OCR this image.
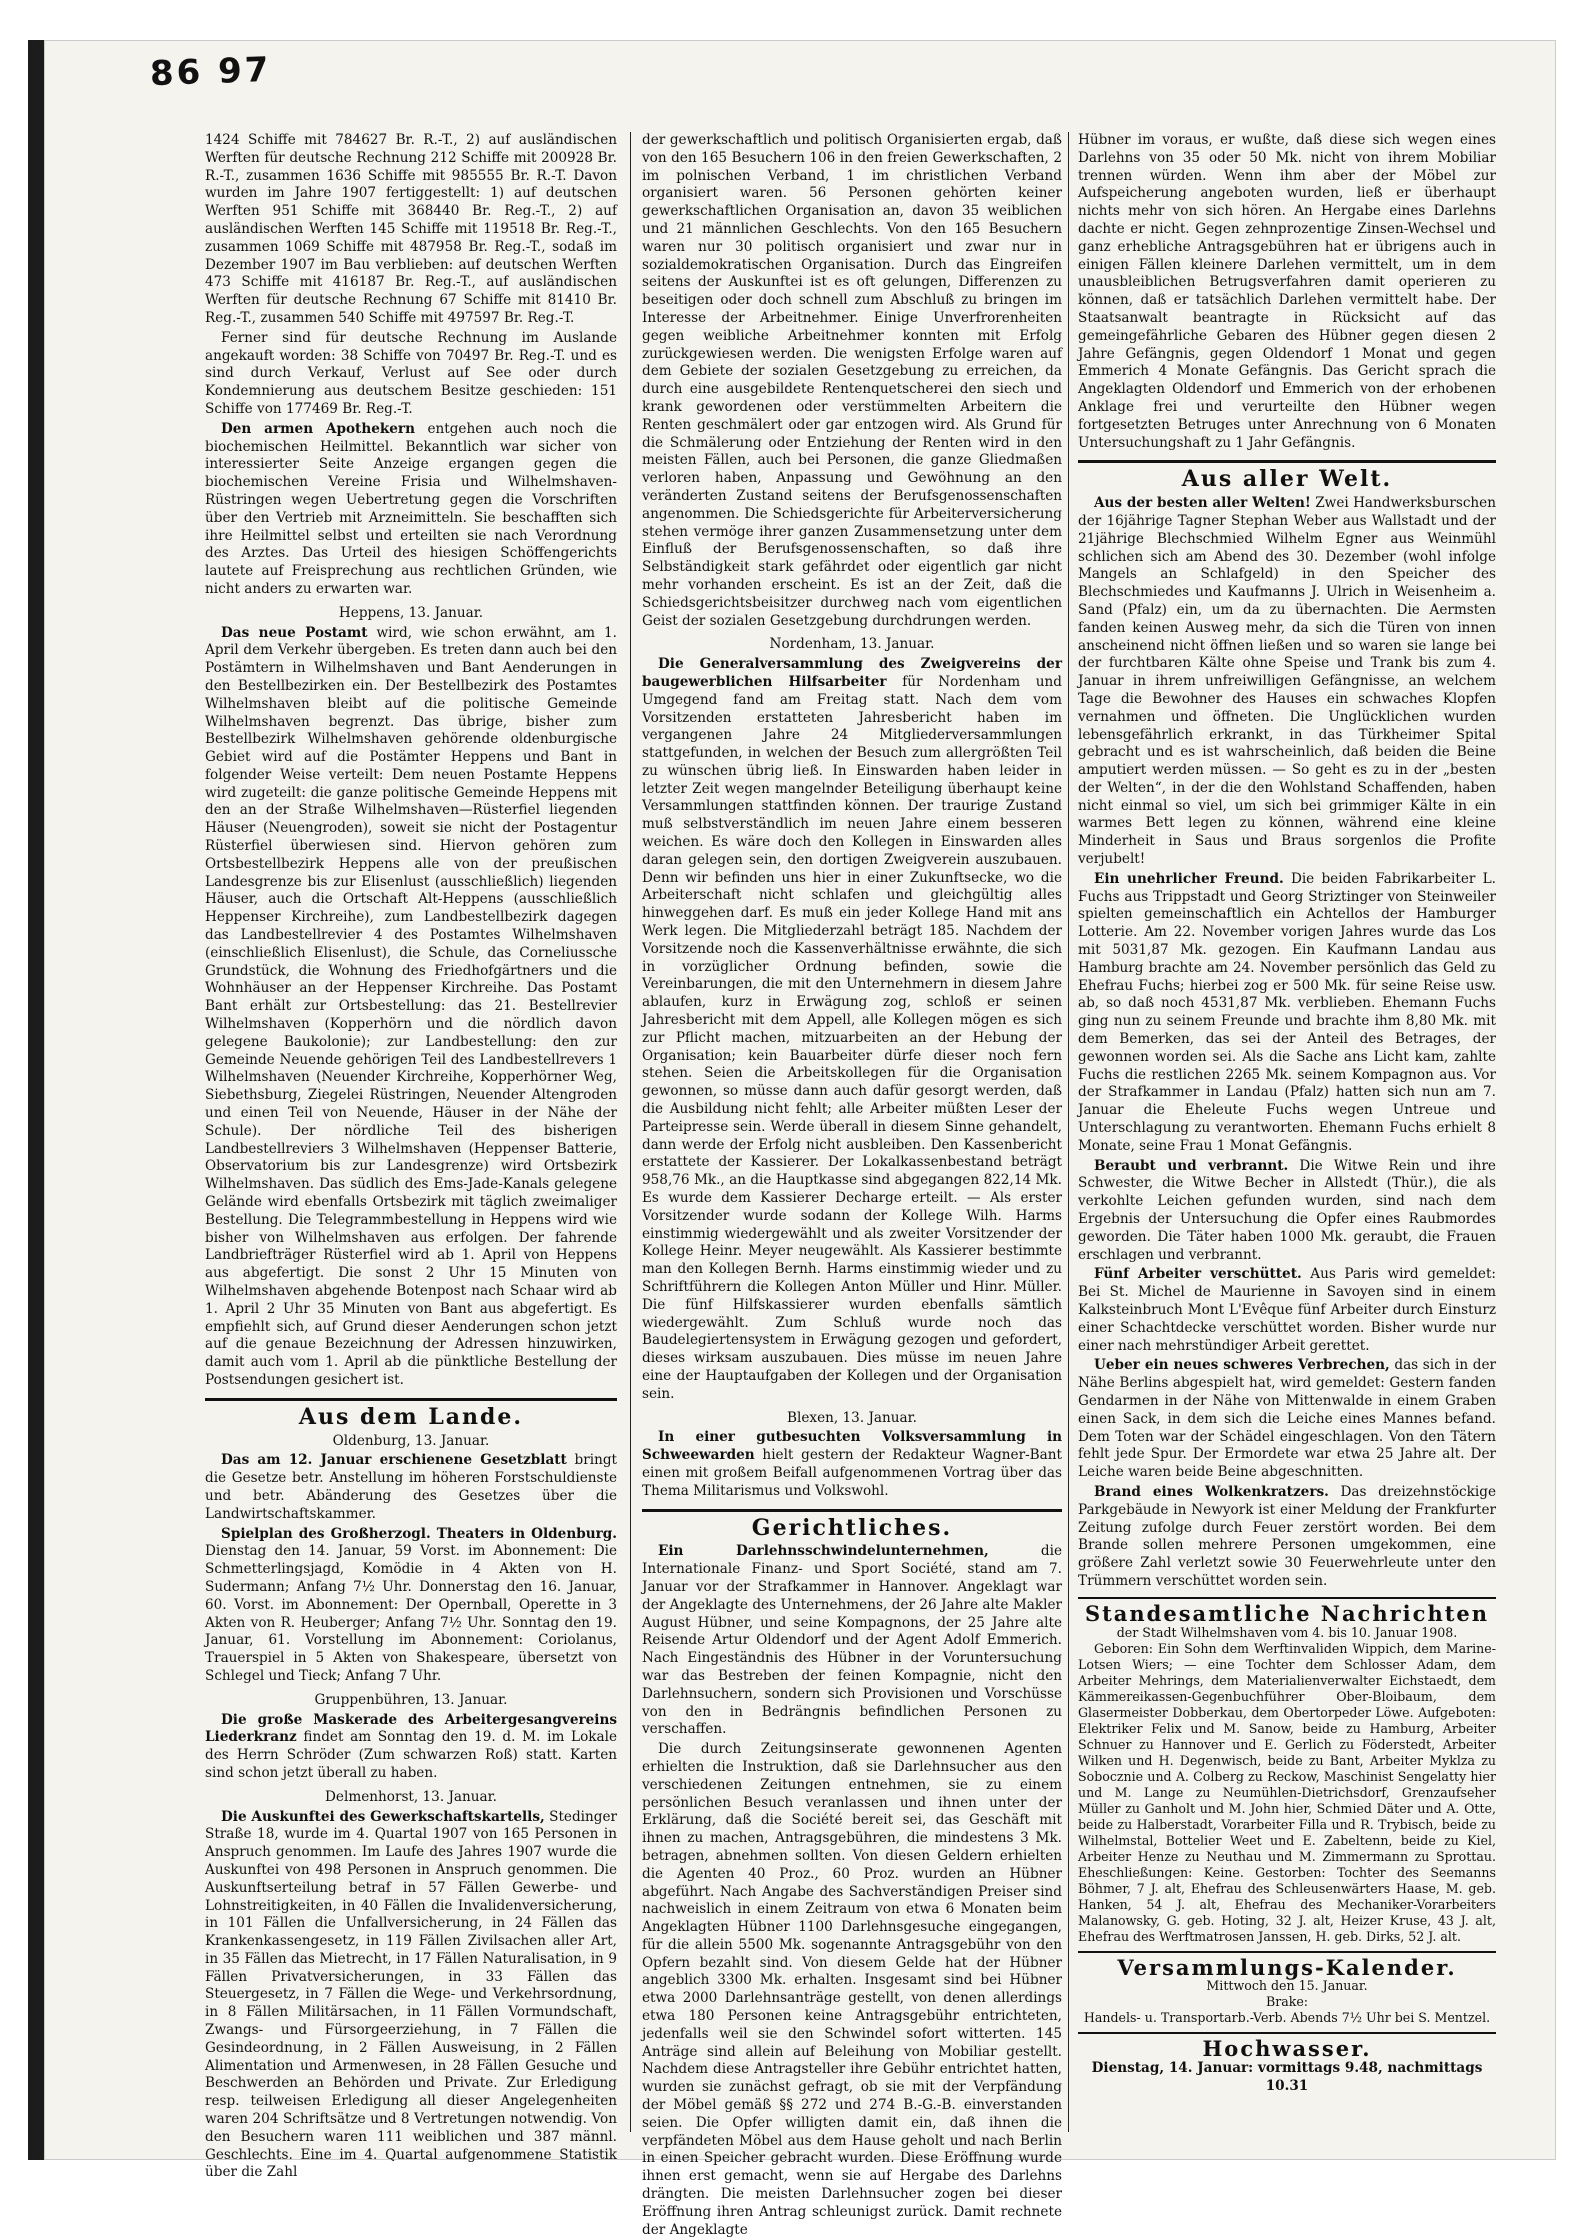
86 97

1424 Schiffe mit 784627 Br. R.-T., 2) auf ausländischen Werften für deutsche Rechnung 212 Schiffe mit 200928 Br. R.-T., zusammen 1636 Schiffe mit 985555 Br. R.-T. Davon wurden im Jahre 1907 fertiggestellt: 1) auf deutschen Werften 951 Schiffe mit 368440 Br. Reg.-T., 2) auf ausländischen Werften 145 Schiffe mit 119518 Br. Reg.-T., zusammen 1069 Schiffe mit 487958 Br. Reg.-T., sodaß im Dezember 1907 im Bau verblieben: auf deutschen Werften 473 Schiffe mit 416187 Br. Reg.-T., auf ausländischen Werften für deutsche Rechnung 67 Schiffe mit 81410 Br. Reg.-T., zusammen 540 Schiffe mit 497597 Br. Reg.-T.

Ferner sind für deutsche Rechnung im Auslande angekauft worden: 38 Schiffe von 70497 Br. Reg.-T. und es sind durch Verkauf, Verlust auf See oder durch Kondemnierung aus deutschem Besitze geschieden: 151 Schiffe von 177469 Br. Reg.-T.

Den armen Apothekern entgehen auch noch die biochemischen Heilmittel. Bekanntlich war sicher von interessierter Seite Anzeige ergangen gegen die biochemischen Vereine Frisia und Wilhelmshaven-Rüstringen wegen Uebertretung gegen die Vorschriften über den Vertrieb mit Arzneimitteln. Sie beschafften sich ihre Heilmittel selbst und erteilten sie nach Verordnung des Arztes. Das Urteil des hiesigen Schöffengerichts lautete auf Freisprechung aus rechtlichen Gründen, wie nicht anders zu erwarten war.

Heppens, 13. Januar.

Das neue Postamt wird, wie schon erwähnt, am 1. April dem Verkehr übergeben. Es treten dann auch bei den Postämtern in Wilhelmshaven und Bant Aenderungen in den Bestellbezirken ein. Der Bestellbezirk des Postamtes Wilhelmshaven bleibt auf die politische Gemeinde Wilhelmshaven begrenzt. Das übrige, bisher zum Bestellbezirk Wilhelmshaven gehörende oldenburgische Gebiet wird auf die Postämter Heppens und Bant in folgender Weise verteilt: Dem neuen Postamte Heppens wird zugeteilt: die ganze politische Gemeinde Heppens mit den an der Straße Wilhelmshaven—Rüsterfiel liegenden Häuser (Neuengroden), soweit sie nicht der Postagentur Rüsterfiel überwiesen sind. Hiervon gehören zum Ortsbestellbezirk Heppens alle von der preußischen Landesgrenze bis zur Elisenlust (ausschließlich) liegenden Häuser, auch die Ortschaft Alt-Heppens (ausschließlich Heppenser Kirchreihe), zum Landbestellbezirk dagegen das Landbestellrevier 4 des Postamtes Wilhelmshaven (einschließlich Elisenlust), die Schule, das Corneliussche Grundstück, die Wohnung des Friedhofgärtners und die Wohnhäuser an der Heppenser Kirchreihe. Das Postamt Bant erhält zur Ortsbestellung: das 21. Bestellrevier Wilhelmshaven (Kopperhörn und die nördlich davon gelegene Baukolonie); zur Landbestellung: den zur Gemeinde Neuende gehörigen Teil des Landbestellrevers 1 Wilhelmshaven (Neuender Kirchreihe, Kopperhörner Weg, Siebethsburg, Ziegelei Rüstringen, Neuender Altengroden und einen Teil von Neuende, Häuser in der Nähe der Schule). Der nördliche Teil des bisherigen Landbestellreviers 3 Wilhelmshaven (Heppenser Batterie, Observatorium bis zur Landesgrenze) wird Ortsbezirk Wilhelmshaven. Das südlich des Ems-Jade-Kanals gelegene Gelände wird ebenfalls Ortsbezirk mit täglich zweimaliger Bestellung. Die Telegrammbestellung in Heppens wird wie bisher von Wilhelmshaven aus erfolgen. Der fahrende Landbriefträger Rüsterfiel wird ab 1. April von Heppens aus abgefertigt. Die sonst 2 Uhr 15 Minuten von Wilhelmshaven abgehende Botenpost nach Schaar wird ab 1. April 2 Uhr 35 Minuten von Bant aus abgefertigt. Es empfiehlt sich, auf Grund dieser Aenderungen schon jetzt auf die genaue Bezeichnung der Adressen hinzuwirken, damit auch vom 1. April ab die pünktliche Bestellung der Postsendungen gesichert ist.

Aus dem Lande.
Oldenburg, 13. Januar.

Das am 12. Januar erschienene Gesetzblatt bringt die Gesetze betr. Anstellung im höheren Forstschuldienste und betr. Abänderung des Gesetzes über die Landwirtschaftskammer.

Spielplan des Großherzogl. Theaters in Oldenburg. Dienstag den 14. Januar, 59 Vorst. im Abonnement: Die Schmetterlingsjagd, Komödie in 4 Akten von H. Sudermann; Anfang 7½ Uhr. Donnerstag den 16. Januar, 60. Vorst. im Abonnement: Der Opernball, Operette in 3 Akten von R. Heuberger; Anfang 7½ Uhr. Sonntag den 19. Januar, 61. Vorstellung im Abonnement: Coriolanus, Trauerspiel in 5 Akten von Shakespeare, übersetzt von Schlegel und Tieck; Anfang 7 Uhr.

Gruppenbühren, 13. Januar.

Die große Maskerade des Arbeitergesangvereins Liederkranz findet am Sonntag den 19. d. M. im Lokale des Herrn Schröder (Zum schwarzen Roß) statt. Karten sind schon jetzt überall zu haben.

Delmenhorst, 13. Januar.

Die Auskunftei des Gewerkschaftskartells, Stedinger Straße 18, wurde im 4. Quartal 1907 von 165 Personen in Anspruch genommen. Im Laufe des Jahres 1907 wurde die Auskunftei von 498 Personen in Anspruch genommen. Die Auskunftserteilung betraf in 57 Fällen Gewerbe- und Lohnstreitigkeiten, in 40 Fällen die Invalidenversicherung, in 101 Fällen die Unfallversicherung, in 24 Fällen das Krankenkassengesetz, in 119 Fällen Zivilsachen aller Art, in 35 Fällen das Mietrecht, in 17 Fällen Naturalisation, in 9 Fällen Privatversicherungen, in 33 Fällen das Steuergesetz, in 7 Fällen die Wege- und Verkehrsordnung, in 8 Fällen Militärsachen, in 11 Fällen Vormundschaft, Zwangs- und Fürsorgeerziehung, in 7 Fällen die Gesindeordnung, in 2 Fällen Ausweisung, in 2 Fällen Alimentation und Armenwesen, in 28 Fällen Gesuche und Beschwerden an Behörden und Private. Zur Erledigung resp. teilweisen Erledigung all dieser Angelegenheiten waren 204 Schriftsätze und 8 Vertretungen notwendig. Von den Besuchern waren 111 weiblichen und 387 männl. Geschlechts. Eine im 4. Quartal aufgenommene Statistik über die Zahl

der gewerkschaftlich und politisch Organisierten ergab, daß von den 165 Besuchern 106 in den freien Gewerkschaften, 2 im polnischen Verband, 1 im christlichen Verband organisiert waren. 56 Personen gehörten keiner gewerkschaftlichen Organisation an, davon 35 weiblichen und 21 männlichen Geschlechts. Von den 165 Besuchern waren nur 30 politisch organisiert und zwar nur in sozialdemokratischen Organisation. Durch das Eingreifen seitens der Auskunftei ist es oft gelungen, Differenzen zu beseitigen oder doch schnell zum Abschluß zu bringen im Interesse der Arbeitnehmer. Einige Unverfrorenheiten gegen weibliche Arbeitnehmer konnten mit Erfolg zurückgewiesen werden. Die wenigsten Erfolge waren auf dem Gebiete der sozialen Gesetzgebung zu erreichen, da durch eine ausgebildete Rentenquetscherei den siech und krank gewordenen oder verstümmelten Arbeitern die Renten geschmälert oder gar entzogen wird. Als Grund für die Schmälerung oder Entziehung der Renten wird in den meisten Fällen, auch bei Personen, die ganze Gliedmaßen verloren haben, Anpassung und Gewöhnung an den veränderten Zustand seitens der Berufsgenossenschaften angenommen. Die Schiedsgerichte für Arbeiterversicherung stehen vermöge ihrer ganzen Zusammensetzung unter dem Einfluß der Berufsgenossenschaften, so daß ihre Selbständigkeit stark gefährdet oder eigentlich gar nicht mehr vorhanden erscheint. Es ist an der Zeit, daß die Schiedsgerichtsbeisitzer durchweg nach vom eigentlichen Geist der sozialen Gesetzgebung durchdrungen werden.

Nordenham, 13. Januar.

Die Generalversammlung des Zweigvereins der baugewerblichen Hilfsarbeiter für Nordenham und Umgegend fand am Freitag statt. Nach dem vom Vorsitzenden erstatteten Jahresbericht haben im vergangenen Jahre 24 Mitgliederversammlungen stattgefunden, in welchen der Besuch zum allergrößten Teil zu wünschen übrig ließ. In Einswarden haben leider in letzter Zeit wegen mangelnder Beteiligung überhaupt keine Versammlungen stattfinden können. Der traurige Zustand muß selbstverständlich im neuen Jahre einem besseren weichen. Es wäre doch den Kollegen in Einswarden alles daran gelegen sein, den dortigen Zweigverein auszubauen. Denn wir befinden uns hier in einer Zukunftsecke, wo die Arbeiterschaft nicht schlafen und gleichgültig alles hinweggehen darf. Es muß ein jeder Kollege Hand mit ans Werk legen. Die Mitgliederzahl beträgt 185. Nachdem der Vorsitzende noch die Kassenverhältnisse erwähnte, die sich in vorzüglicher Ordnung befinden, sowie die Vereinbarungen, die mit den Unternehmern in diesem Jahre ablaufen, kurz in Erwägung zog, schloß er seinen Jahresbericht mit dem Appell, alle Kollegen mögen es sich zur Pflicht machen, mitzuarbeiten an der Hebung der Organisation; kein Bauarbeiter dürfe dieser noch fern stehen. Seien die Arbeitskollegen für die Organisation gewonnen, so müsse dann auch dafür gesorgt werden, daß die Ausbildung nicht fehlt; alle Arbeiter müßten Leser der Parteipresse sein. Werde überall in diesem Sinne gehandelt, dann werde der Erfolg nicht ausbleiben. Den Kassenbericht erstattete der Kassierer. Der Lokalkassenbestand beträgt 958,76 Mk., an die Hauptkasse sind abgegangen 822,14 Mk. Es wurde dem Kassierer Decharge erteilt. — Als erster Vorsitzender wurde sodann der Kollege Wilh. Harms einstimmig wiedergewählt und als zweiter Vorsitzender der Kollege Heinr. Meyer neugewählt. Als Kassierer bestimmte man den Kollegen Bernh. Harms einstimmig wieder und zu Schriftführern die Kollegen Anton Müller und Hinr. Müller. Die fünf Hilfskassierer wurden ebenfalls sämtlich wiedergewählt. Zum Schluß wurde noch das Baudelegiertensystem in Erwägung gezogen und gefordert, dieses wirksam auszubauen. Dies müsse im neuen Jahre eine der Hauptaufgaben der Kollegen und der Organisation sein.

Blexen, 13. Januar.

In einer gutbesuchten Volksversammlung in Schweewarden hielt gestern der Redakteur Wagner-Bant einen mit großem Beifall aufgenommenen Vortrag über das Thema Militarismus und Volkswohl.

Gerichtliches.

Ein Darlehnsschwindelunternehmen, die Internationale Finanz- und Sport Société, stand am 7. Januar vor der Strafkammer in Hannover. Angeklagt war der Angeklagte des Unternehmens, der 26 Jahre alte Makler August Hübner, und seine Kompagnons, der 25 Jahre alte Reisende Artur Oldendorf und der Agent Adolf Emmerich. Nach Eingeständnis des Hübner in der Voruntersuchung war das Bestreben der feinen Kompagnie, nicht den Darlehnsuchern, sondern sich Provisionen und Vorschüsse von den in Bedrängnis befindlichen Personen zu verschaffen.

Die durch Zeitungsinserate gewonnenen Agenten erhielten die Instruktion, daß sie Darlehnsucher aus den verschiedenen Zeitungen entnehmen, sie zu einem persönlichen Besuch veranlassen und ihnen unter der Erklärung, daß die Société bereit sei, das Geschäft mit ihnen zu machen, Antragsgebühren, die mindestens 3 Mk. betragen, abnehmen sollten. Von diesen Geldern erhielten die Agenten 40 Proz., 60 Proz. wurden an Hübner abgeführt. Nach Angabe des Sachverständigen Preiser sind nachweislich in einem Zeitraum von etwa 6 Monaten beim Angeklagten Hübner 1100 Darlehnsgesuche eingegangen, für die allein 5500 Mk. sogenannte Antragsgebühr von den Opfern bezahlt sind. Von diesem Gelde hat der Hübner angeblich 3300 Mk. erhalten. Insgesamt sind bei Hübner etwa 2000 Darlehnsanträge gestellt, von denen allerdings etwa 180 Personen keine Antragsgebühr entrichteten, jedenfalls weil sie den Schwindel sofort witterten. 145 Anträge sind allein auf Beleihung von Mobiliar gestellt. Nachdem diese Antragsteller ihre Gebühr entrichtet hatten, wurden sie zunächst gefragt, ob sie mit der Verpfändung der Möbel gemäß §§ 272 und 274 B.-G.-B. einverstanden seien. Die Opfer willigten damit ein, daß ihnen die verpfändeten Möbel aus dem Hause geholt und nach Berlin in einen Speicher gebracht wurden. Diese Eröffnung wurde ihnen erst gemacht, wenn sie auf Hergabe des Darlehns drängten. Die meisten Darlehnsucher zogen bei dieser Eröffnung ihren Antrag schleunigst zurück. Damit rechnete der Angeklagte

Hübner im voraus, er wußte, daß diese sich wegen eines Darlehns von 35 oder 50 Mk. nicht von ihrem Mobiliar trennen würden. Wenn ihm aber der Möbel zur Aufspeicherung angeboten wurden, ließ er überhaupt nichts mehr von sich hören. An Hergabe eines Darlehns dachte er nicht. Gegen zehnprozentige Zinsen-Wechsel und ganz erhebliche Antragsgebühren hat er übrigens auch in einigen Fällen kleinere Darlehen vermittelt, um in dem unausbleiblichen Betrugsverfahren damit operieren zu können, daß er tatsächlich Darlehen vermittelt habe. Der Staatsanwalt beantragte in Rücksicht auf das gemeingefährliche Gebaren des Hübner gegen diesen 2 Jahre Gefängnis, gegen Oldendorf 1 Monat und gegen Emmerich 4 Monate Gefängnis. Das Gericht sprach die Angeklagten Oldendorf und Emmerich von der erhobenen Anklage frei und verurteilte den Hübner wegen fortgesetzten Betruges unter Anrechnung von 6 Monaten Untersuchungshaft zu 1 Jahr Gefängnis.

Aus aller Welt.

Aus der besten aller Welten! Zwei Handwerksburschen der 16jährige Tagner Stephan Weber aus Wallstadt und der 21jährige Blechschmied Wilhelm Egner aus Weinmühl schlichen sich am Abend des 30. Dezember (wohl infolge Mangels an Schlafgeld) in den Speicher des Blechschmiedes und Kaufmanns J. Ulrich in Weisenheim a. Sand (Pfalz) ein, um da zu übernachten. Die Aermsten fanden keinen Ausweg mehr, da sich die Türen von innen anscheinend nicht öffnen ließen und so waren sie lange bei der furchtbaren Kälte ohne Speise und Trank bis zum 4. Januar in ihrem unfreiwilligen Gefängnisse, an welchem Tage die Bewohner des Hauses ein schwaches Klopfen vernahmen und öffneten. Die Unglücklichen wurden lebensgefährlich erkrankt, in das Türkheimer Spital gebracht und es ist wahrscheinlich, daß beiden die Beine amputiert werden müssen. — So geht es zu in der „besten der Welten“, in der die den Wohlstand Schaffenden, haben nicht einmal so viel, um sich bei grimmiger Kälte in ein warmes Bett legen zu können, während eine kleine Minderheit in Saus und Braus sorgenlos die Profite verjubelt!

Ein unehrlicher Freund. Die beiden Fabrikarbeiter L. Fuchs aus Trippstadt und Georg Striztinger von Steinweiler spielten gemeinschaftlich ein Achtellos der Hamburger Lotterie. Am 22. November vorigen Jahres wurde das Los mit 5031,87 Mk. gezogen. Ein Kaufmann Landau aus Hamburg brachte am 24. November persönlich das Geld zu Ehefrau Fuchs; hierbei zog er 500 Mk. für seine Reise usw. ab, so daß noch 4531,87 Mk. verblieben. Ehemann Fuchs ging nun zu seinem Freunde und brachte ihm 8,80 Mk. mit dem Bemerken, das sei der Anteil des Betrages, der gewonnen worden sei. Als die Sache ans Licht kam, zahlte Fuchs die restlichen 2265 Mk. seinem Kompagnon aus. Vor der Strafkammer in Landau (Pfalz) hatten sich nun am 7. Januar die Eheleute Fuchs wegen Untreue und Unterschlagung zu verantworten. Ehemann Fuchs erhielt 8 Monate, seine Frau 1 Monat Gefängnis.

Beraubt und verbrannt. Die Witwe Rein und ihre Schwester, die Witwe Becher in Allstedt (Thür.), die als verkohlte Leichen gefunden wurden, sind nach dem Ergebnis der Untersuchung die Opfer eines Raubmordes geworden. Die Täter haben 1000 Mk. geraubt, die Frauen erschlagen und verbrannt.

Fünf Arbeiter verschüttet. Aus Paris wird gemeldet: Bei St. Michel de Maurienne in Savoyen sind in einem Kalksteinbruch Mont L'Evêque fünf Arbeiter durch Einsturz einer Schachtdecke verschüttet worden. Bisher wurde nur einer nach mehrstündiger Arbeit gerettet.

Ueber ein neues schweres Verbrechen, das sich in der Nähe Berlins abgespielt hat, wird gemeldet: Gestern fanden Gendarmen in der Nähe von Mittenwalde in einem Graben einen Sack, in dem sich die Leiche eines Mannes befand. Dem Toten war der Schädel eingeschlagen. Von den Tätern fehlt jede Spur. Der Ermordete war etwa 25 Jahre alt. Der Leiche waren beide Beine abgeschnitten.

Brand eines Wolkenkratzers. Das dreizehnstöckige Parkgebäude in Newyork ist einer Meldung der Frankfurter Zeitung zufolge durch Feuer zerstört worden. Bei dem Brande sollen mehrere Personen umgekommen, eine größere Zahl verletzt sowie 30 Feuerwehrleute unter den Trümmern verschüttet worden sein.

Standesamtliche Nachrichten
der Stadt Wilhelmshaven vom 4. bis 10. Januar 1908.

Geboren: Ein Sohn dem Werftinvaliden Wippich, dem Marine-Lotsen Wiers; — eine Tochter dem Schlosser Adam, dem Arbeiter Mehrings, dem Materialienverwalter Eichstaedt, dem Kämmereikassen-Gegenbuchführer Ober-Bloibaum, dem Glasermeister Dobberkau, dem Obertorpeder Löwe. Aufgeboten: Elektriker Felix und M. Sanow, beide zu Hamburg, Arbeiter Schnuer zu Hannover und E. Gerlich zu Föderstedt, Arbeiter Wilken und H. Degenwisch, beide zu Bant, Arbeiter Myklza zu Sobocznie und A. Colberg zu Reckow, Maschinist Sengelatty hier und M. Lange zu Neumühlen-Dietrichsdorf, Grenzaufseher Müller zu Ganholt und M. John hier, Schmied Däter und A. Otte, beide zu Halberstadt, Vorarbeiter Filla und R. Trybisch, beide zu Wilhelmstal, Bottelier Weet und E. Zabeltenn, beide zu Kiel, Arbeiter Henze zu Neuthau und M. Zimmermann zu Sprottau. Eheschließungen: Keine. Gestorben: Tochter des Seemanns Böhmer, 7 J. alt, Ehefrau des Schleusenwärters Haase, M. geb. Hanken, 54 J. alt, Ehefrau des Mechaniker-Vorarbeiters Malanowsky, G. geb. Hoting, 32 J. alt, Heizer Kruse, 43 J. alt, Ehefrau des Werftmatrosen Janssen, H. geb. Dirks, 52 J. alt.

Versammlungs-Kalender.
Mittwoch den 15. Januar.
Brake:
Handels- u. Transportarb.-Verb. Abends 7½ Uhr bei S. Mentzel.
Hochwasser.
Dienstag, 14. Januar: vormittags 9.48, nachmittags 10.31
